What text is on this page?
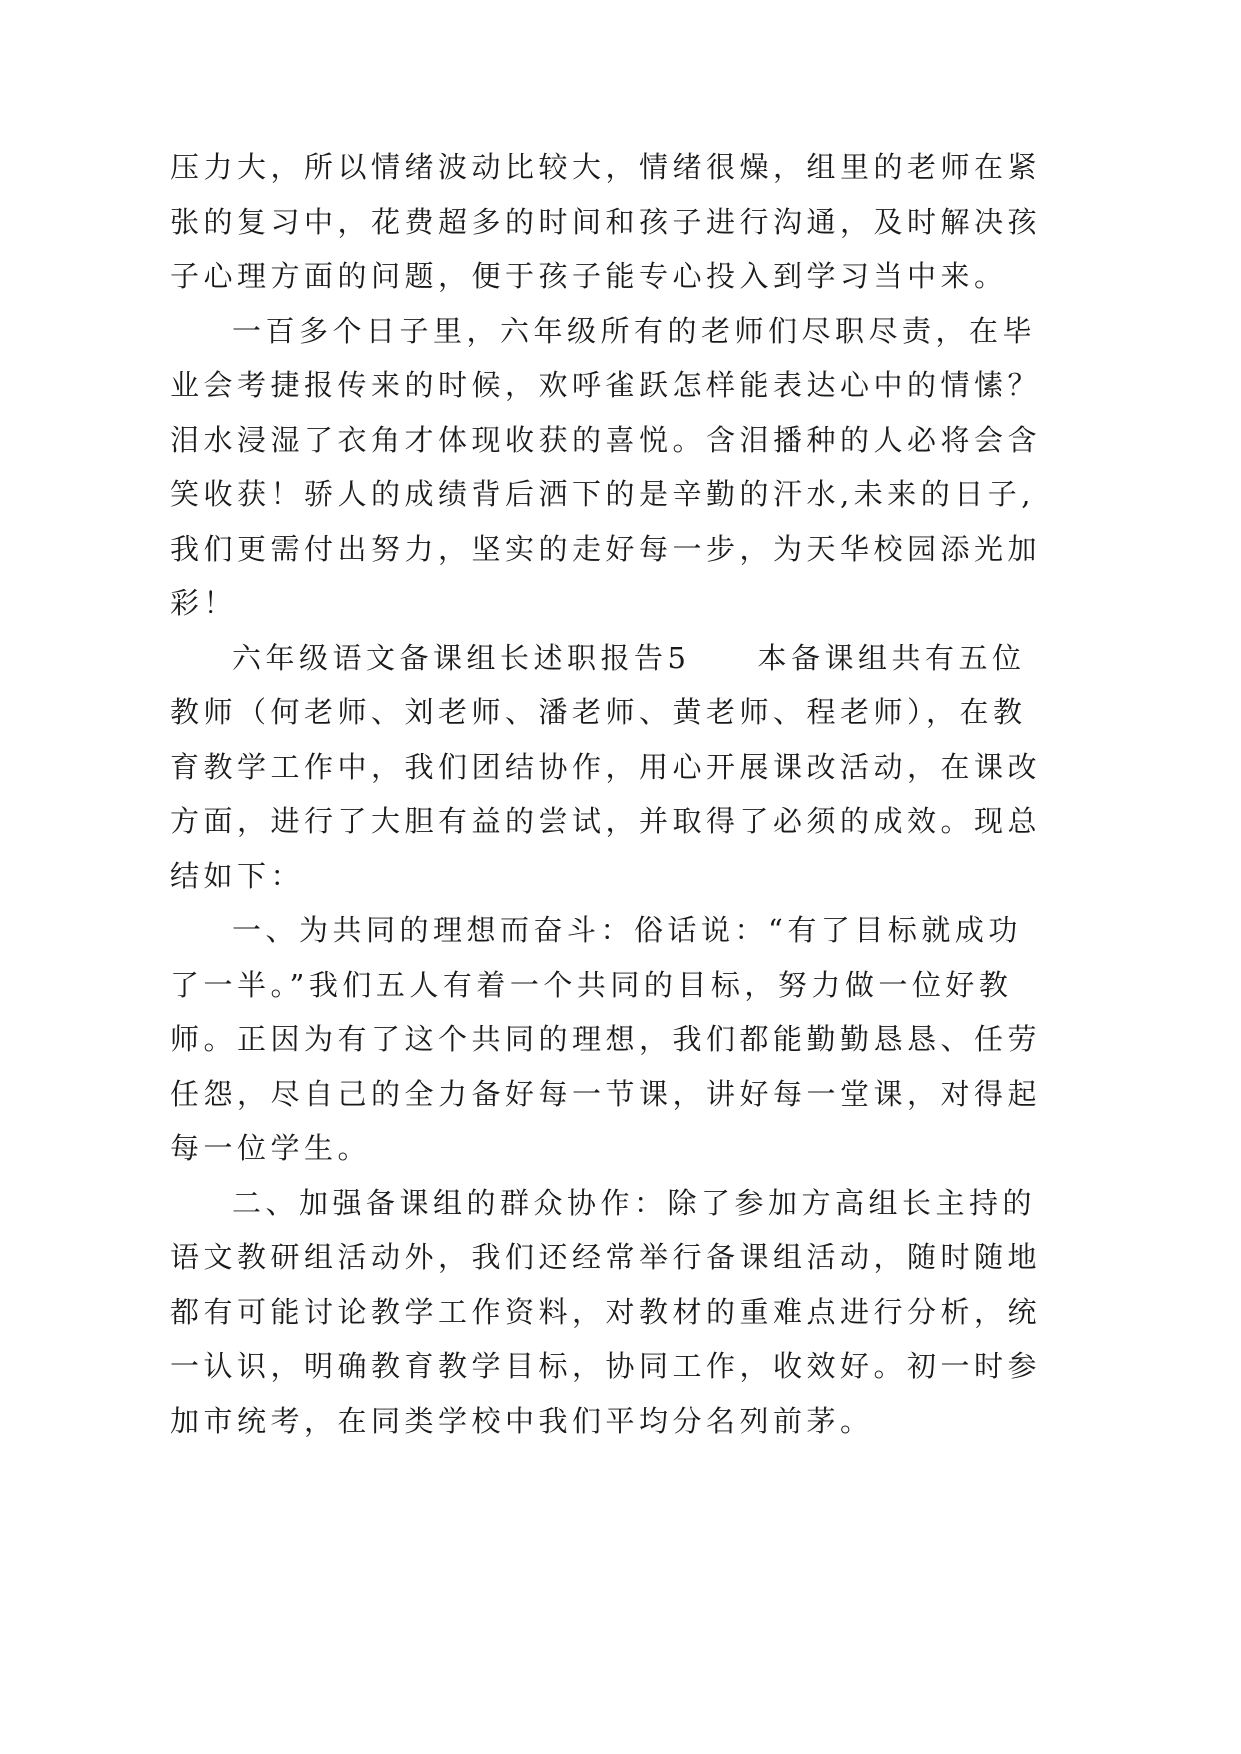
压力大，所以情绪波动比较大，情绪很燥，组里的老师在紧
张的复习中，花费超多的时间和孩子进行沟通，及时解决孩
子心理方面的问题，便于孩子能专心投入到学习当中来。

一百多个日子里，六年级所有的老师们尽职尽责，在毕
业会考捷报传来的时候，欢呼雀跃怎样能表达心中的情愫？
泪水浸湿了衣角才体现收获的喜悦。含泪播种的人必将会含
笑收获！骄人的成绩背后洒下的是辛勤的汗水,未来的日子,
我们更需付出努力，坚实的走好每一步，为天华校园添光加
彩！

六年级语文备课组长述职报告5　　本备课组共有五位
教师（何老师、刘老师、潘老师、黄老师、程老师），在教
育教学工作中，我们团结协作，用心开展课改活动，在课改
方面，进行了大胆有益的尝试，并取得了必须的成效。现总
结如下：

一、为共同的理想而奋斗：俗话说：“有了目标就成功
了一半。”我们五人有着一个共同的目标，努力做一位好教
师。正因为有了这个共同的理想，我们都能勤勤恳恳、任劳
任怨，尽自己的全力备好每一节课，讲好每一堂课，对得起
每一位学生。

二、加强备课组的群众协作：除了参加方高组长主持的
语文教研组活动外，我们还经常举行备课组活动，随时随地
都有可能讨论教学工作资料，对教材的重难点进行分析，统
一认识，明确教育教学目标，协同工作，收效好。初一时参
加市统考，在同类学校中我们平均分名列前茅。
